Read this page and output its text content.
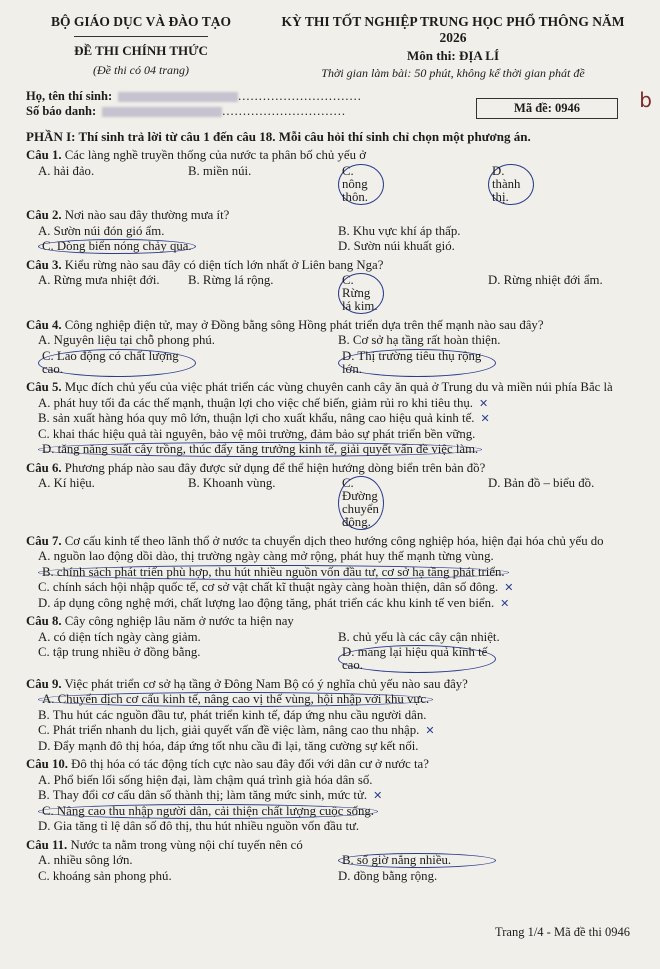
BỘ GIÁO DỤC VÀ ĐÀO TẠO
ĐỀ THI CHÍNH THỨC
(Đề thi có 04 trang)
KỲ THI TỐT NGHIỆP TRUNG HỌC PHỔ THÔNG NĂM 2026
Môn thi: ĐỊA LÍ
Thời gian làm bài: 50 phút, không kể thời gian phát đề
b
Họ, tên thí sinh:	..............................
Số báo danh:	..............................	Mã đề: 0946
PHẦN I: Thí sinh trả lời từ câu 1 đến câu 18. Mỗi câu hỏi thí sinh chỉ chọn một phương án.
Câu 1. Các làng nghề truyền thống của nước ta phân bố chủ yếu ở
A. hải đảo.	B. miền núi.	C. nông thôn.
D. thành thị.
Câu 2. Nơi nào sau đây thường mưa ít?
A. Sườn núi đón gió ẩm.	B. Khu vực khí áp thấp.
C. Dòng biển nóng chảy qua.	D. Sườn núi khuất gió.
Câu 3. Kiểu rừng nào sau đây có diện tích lớn nhất ở Liên bang Nga?
A. Rừng mưa nhiệt đới.	B. Rừng lá rộng.	C. Rừng lá kim.
D. Rừng nhiệt đới ẩm.
Câu 4. Công nghiệp điện tử, may ở Đồng bằng sông Hồng phát triển dựa trên thế mạnh nào sau đây?
A. Nguyên liệu tại chỗ phong phú.	B. Cơ sở hạ tầng rất hoàn thiện.
C. Lao động có chất lượng cao.
D. Thị trường tiêu thụ rộng lớn.
Câu 5. Mục đích chủ yếu của việc phát triển các vùng chuyên canh cây ăn quả ở Trung du và miền núi phía Bắc là
A. phát huy tối đa các thế mạnh, thuận lợi cho việc chế biến, giảm rủi ro khi tiêu thụ. ✕
B. sản xuất hàng hóa quy mô lớn, thuận lợi cho xuất khẩu, nâng cao hiệu quả kinh tế. ✕
C. khai thác hiệu quả tài nguyên, bảo vệ môi trường, đảm bảo sự phát triển bền vững.
D. tăng năng suất cây trồng, thúc đẩy tăng trưởng kinh tế, giải quyết vấn đề việc làm.
Câu 6. Phương pháp nào sau đây được sử dụng để thể hiện hướng dòng biển trên bản đồ?
A. Kí hiệu.	B. Khoanh vùng.	C. Đường chuyển động.
D. Bản đồ – biểu đồ.
Câu 7. Cơ cấu kinh tế theo lãnh thổ ở nước ta chuyển dịch theo hướng công nghiệp hóa, hiện đại hóa chủ yếu do
A. nguồn lao động dồi dào, thị trường ngày càng mở rộng, phát huy thế mạnh từng vùng.
B. chính sách phát triển phù hợp, thu hút nhiều nguồn vốn đầu tư, cơ sở hạ tầng phát triển.
C. chính sách hội nhập quốc tế, cơ sở vật chất kĩ thuật ngày càng hoàn thiện, dân số đông. ✕
D. áp dụng công nghệ mới, chất lượng lao động tăng, phát triển các khu kinh tế ven biển. ✕
Câu 8. Cây công nghiệp lâu năm ở nước ta hiện nay
A. có diện tích ngày càng giảm.	B. chủ yếu là các cây cận nhiệt.
C. tập trung nhiều ở đồng bằng.	D. mang lại hiệu quả kinh tế cao.
Câu 9. Việc phát triển cơ sở hạ tầng ở Đông Nam Bộ có ý nghĩa chủ yếu nào sau đây?
A. Chuyển dịch cơ cấu kinh tế, nâng cao vị thế vùng, hội nhập với khu vực.
B. Thu hút các nguồn đầu tư, phát triển kinh tế, đáp ứng nhu cầu người dân.
C. Phát triển nhanh du lịch, giải quyết vấn đề việc làm, nâng cao thu nhập. ✕
D. Đẩy mạnh đô thị hóa, đáp ứng tốt nhu cầu đi lại, tăng cường sự kết nối.
Câu 10. Đô thị hóa có tác động tích cực nào sau đây đối với dân cư ở nước ta?
A. Phổ biến lối sống hiện đại, làm chậm quá trình già hóa dân số.
B. Thay đổi cơ cấu dân số thành thị; làm tăng mức sinh, mức tử. ✕
C. Nâng cao thu nhập người dân, cải thiện chất lượng cuộc sống.
D. Gia tăng tỉ lệ dân số đô thị, thu hút nhiều nguồn vốn đầu tư.
Câu 11. Nước ta nằm trong vùng nội chí tuyến nên có
A. nhiều sông lớn.	B. số giờ nắng nhiều.
C. khoáng sản phong phú.	D. đồng bằng rộng.
Trang 1/4 - Mã đề thi 0946
